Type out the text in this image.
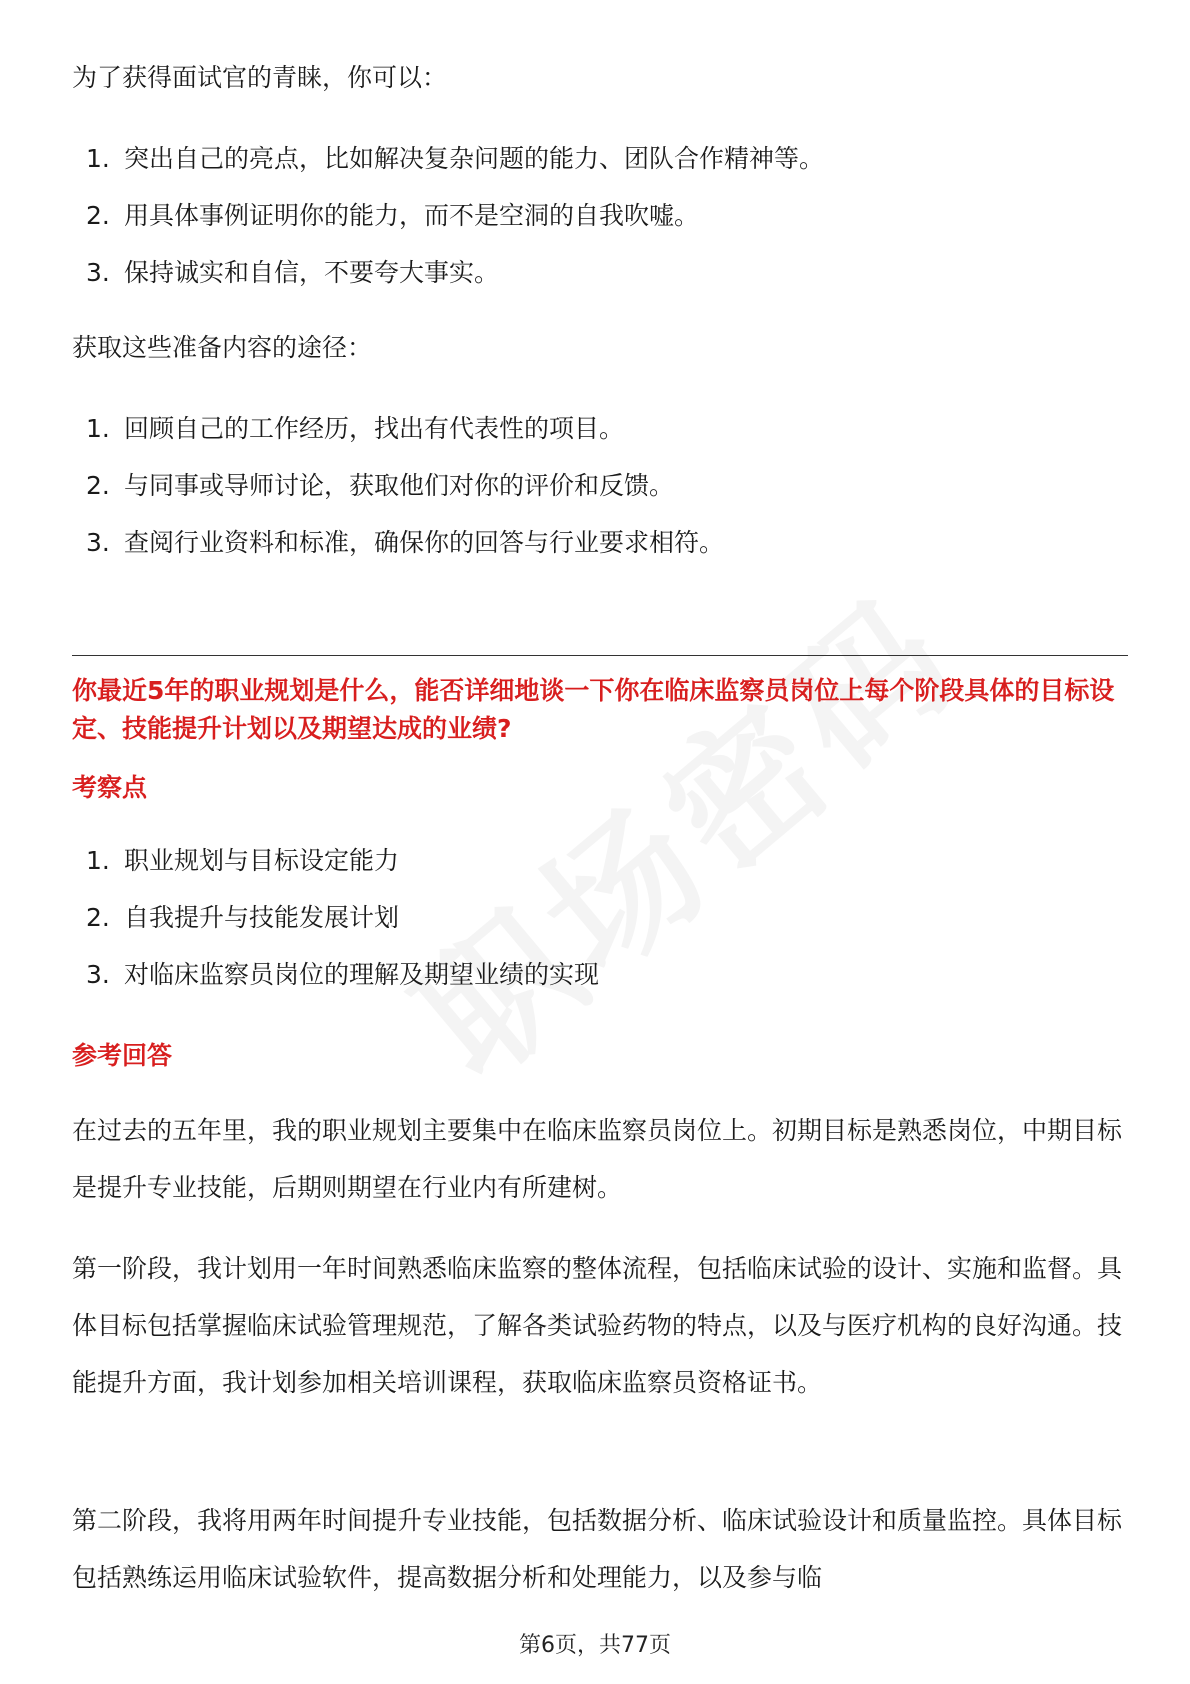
为了获得面试官的青睐，你可以：

1. 突出自己的亮点，比如解决复杂问题的能力、团队合作精神等。
2. 用具体事例证明你的能力，而不是空洞的自我吹嘘。
3. 保持诚实和自信，不要夸大事实。

获取这些准备内容的途径：

1. 回顾自己的工作经历，找出有代表性的项目。
2. 与同事或导师讨论，获取他们对你的评价和反馈。
3. 查阅行业资料和标准，确保你的回答与行业要求相符。

你最近5年的职业规划是什么，能否详细地谈一下你在临床监察员岗位上每个阶段具体的目标设定、技能提升计划以及期望达成的业绩?

考察点

1. 职业规划与目标设定能力
2. 自我提升与技能发展计划
3. 对临床监察员岗位的理解及期望业绩的实现

参考回答

在过去的五年里，我的职业规划主要集中在临床监察员岗位上。初期目标是熟悉岗位，中期目标是提升专业技能，后期则期望在行业内有所建树。

第一阶段，我计划用一年时间熟悉临床监察的整体流程，包括临床试验的设计、实施和监督。具体目标包括掌握临床试验管理规范，了解各类试验药物的特点，以及与医疗机构的良好沟通。技能提升方面，我计划参加相关培训课程，获取临床监察员资格证书。

第二阶段，我将用两年时间提升专业技能，包括数据分析、临床试验设计和质量监控。具体目标包括熟练运用临床试验软件，提高数据分析和处理能力，以及参与临

第6页，共77页
